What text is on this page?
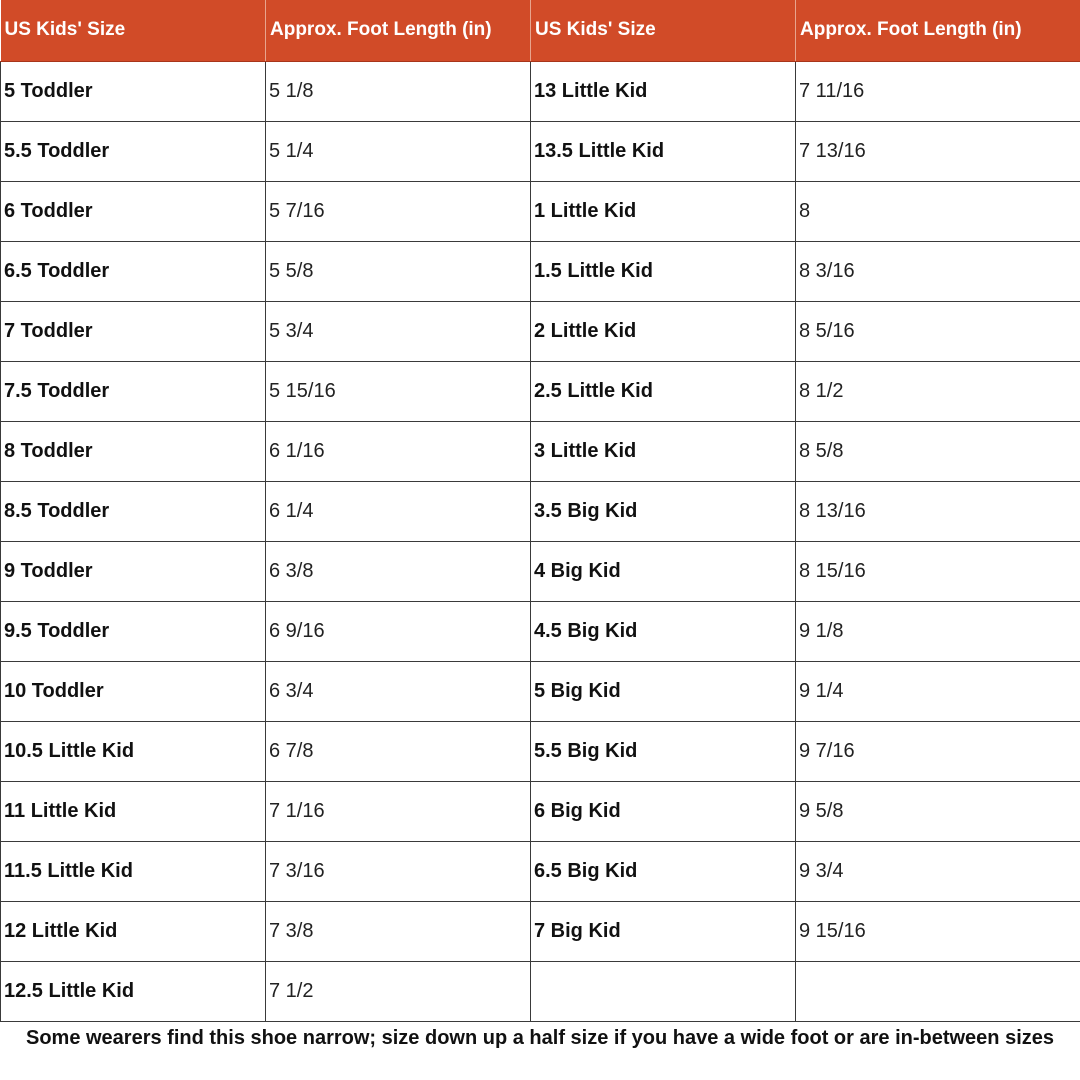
US Kids' Size	Approx. Foot Length (in)	US Kids' Size	Approx. Foot Length (in)
5 Toddler	5 1/8	13 Little Kid	7 11/16
5.5 Toddler	5 1/4	13.5 Little Kid	7 13/16
6 Toddler	5 7/16	1 Little Kid	8
6.5 Toddler	5 5/8	1.5 Little Kid	8 3/16
7 Toddler	5 3/4	2 Little Kid	8 5/16
7.5 Toddler	5 15/16	2.5 Little Kid	8 1/2
8 Toddler	6 1/16	3 Little Kid	8 5/8
8.5 Toddler	6 1/4	3.5 Big Kid	8 13/16
9 Toddler	6 3/8	4 Big Kid	8 15/16
9.5 Toddler	6 9/16	4.5 Big Kid	9 1/8
10 Toddler	6 3/4	5 Big Kid	9 1/4
10.5 Little Kid	6 7/8	5.5 Big Kid	9 7/16
11 Little Kid	7 1/16	6 Big Kid	9 5/8
11.5 Little Kid	7 3/16	6.5 Big Kid	9 3/4
12 Little Kid	7 3/8	7 Big Kid	9 15/16
12.5 Little Kid	7 1/2		
Some wearers find this shoe narrow; size down up a half size if you have a wide foot or are in-between sizes
